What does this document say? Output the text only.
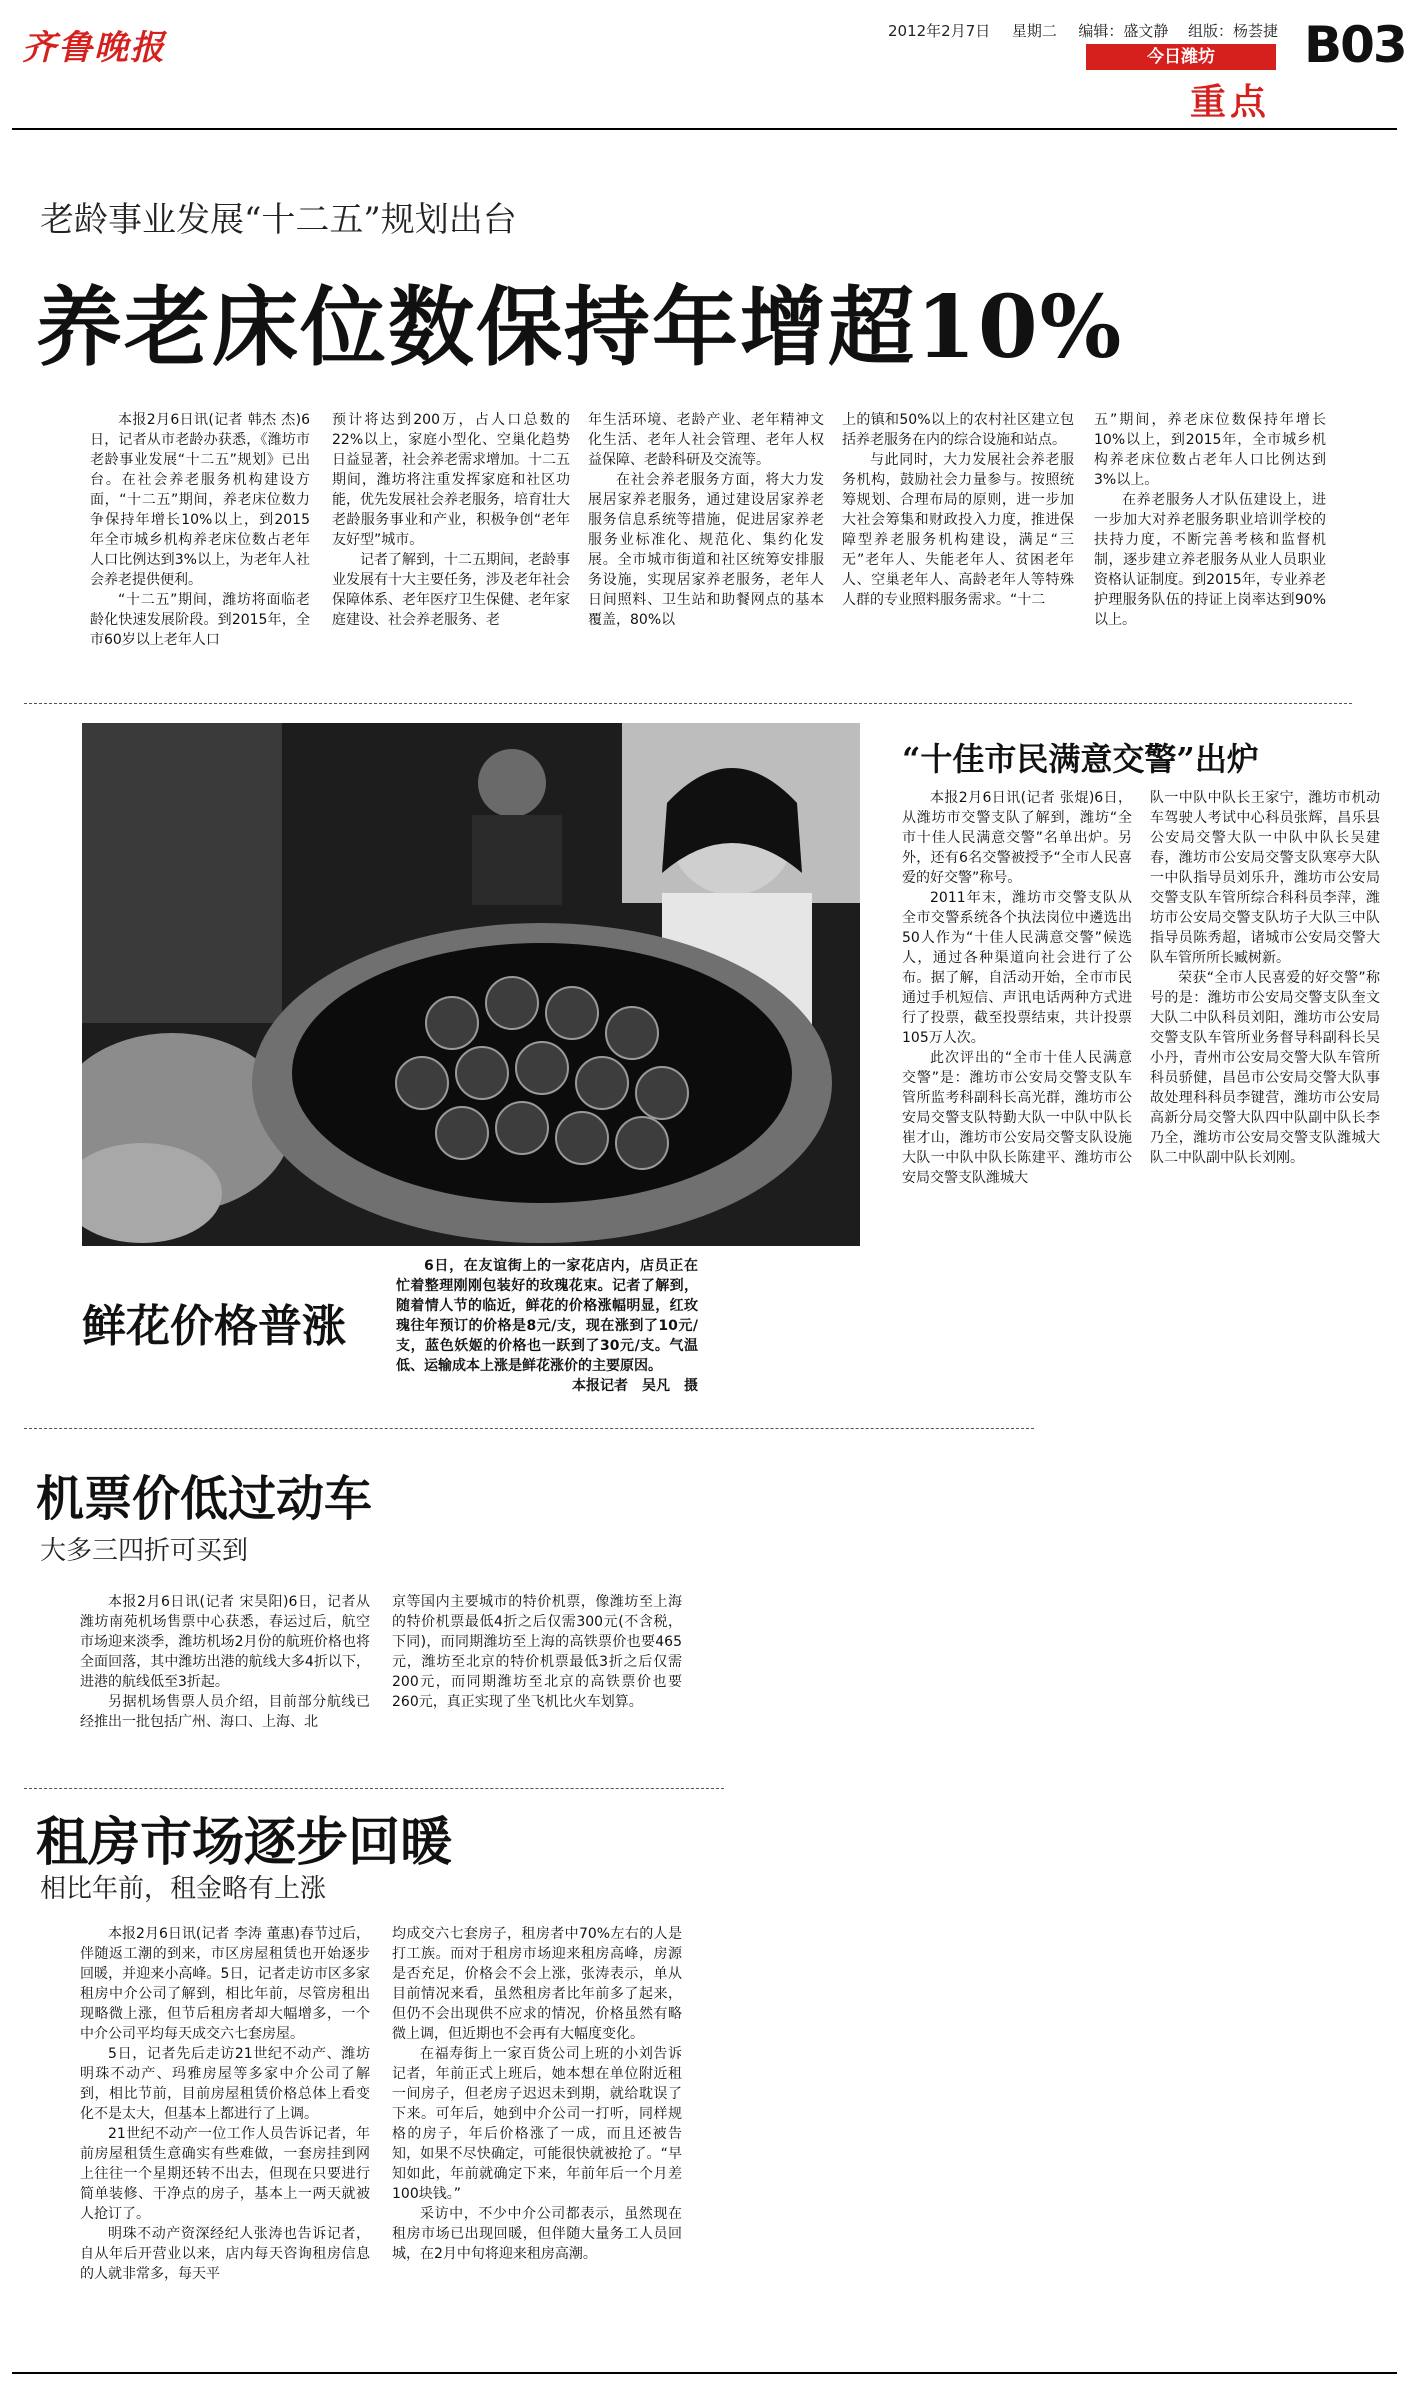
齐鲁晚报	2012年2月7日 星期二 编辑：盛文静 组版：杨荟捷
今日潍坊
重点
B03
老龄事业发展“十二五”规划出台
养老床位数保持年增超10%

本报2月6日讯(记者 韩杰 杰)6日，记者从市老龄办获悉，《潍坊市老龄事业发展“十二五”规划》已出台。在社会养老服务机构建设方面，“十二五”期间，养老床位数力争保持年增长10%以上，到2015年全市城乡机构养老床位数占老年人口比例达到3%以上，为老年人社会养老提供便利。

“十二五”期间，潍坊将面临老龄化快速发展阶段。到2015年，全市60岁以上老年人口

预计将达到200万，占人口总数的22%以上，家庭小型化、空巢化趋势日益显著，社会养老需求增加。十二五期间，潍坊将注重发挥家庭和社区功能，优先发展社会养老服务，培育壮大老龄服务事业和产业，积极争创“老年友好型”城市。

记者了解到，十二五期间，老龄事业发展有十大主要任务，涉及老年社会保障体系、老年医疗卫生保健、老年家庭建设、社会养老服务、老

年生活环境、老龄产业、老年精神文化生活、老年人社会管理、老年人权益保障、老龄科研及交流等。

在社会养老服务方面，将大力发展居家养老服务，通过建设居家养老服务信息系统等措施，促进居家养老服务业标准化、规范化、集约化发展。全市城市街道和社区统筹安排服务设施，实现居家养老服务，老年人日间照料、卫生站和助餐网点的基本覆盖，80%以

上的镇和50%以上的农村社区建立包括养老服务在内的综合设施和站点。

与此同时，大力发展社会养老服务机构，鼓励社会力量参与。按照统筹规划、合理布局的原则，进一步加大社会筹集和财政投入力度，推进保障型养老服务机构建设，满足“三无”老年人、失能老年人、贫困老年人、空巢老年人、高龄老年人等特殊人群的专业照料服务需求。“十二

五”期间，养老床位数保持年增长10%以上，到2015年，全市城乡机构养老床位数占老年人口比例达到3%以上。

在养老服务人才队伍建设上，进一步加大对养老服务职业培训学校的扶持力度，不断完善考核和监督机制，逐步建立养老服务从业人员职业资格认证制度。到2015年，专业养老护理服务队伍的持证上岗率达到90%以上。

鲜花价格普涨

6日，在友谊街上的一家花店内，店员正在忙着整理刚刚包装好的玫瑰花束。记者了解到，随着情人节的临近，鲜花的价格涨幅明显，红玫瑰往年预订的价格是8元/支，现在涨到了10元/支，蓝色妖姬的价格也一跃到了30元/支。气温低、运输成本上涨是鲜花涨价的主要原因。

本报记者　吴凡　摄
“十佳市民满意交警”出炉

本报2月6日讯(记者 张焜)6日，从潍坊市交警支队了解到，潍坊“全市十佳人民满意交警”名单出炉。另外，还有6名交警被授予“全市人民喜爱的好交警”称号。

2011年末，潍坊市交警支队从全市交警系统各个执法岗位中遴选出50人作为“十佳人民满意交警”候选人，通过各种渠道向社会进行了公布。据了解，自活动开始，全市市民通过手机短信、声讯电话两种方式进行了投票，截至投票结束，共计投票105万人次。

此次评出的“全市十佳人民满意交警”是：潍坊市公安局交警支队车管所监考科副科长高光群，潍坊市公安局交警支队特勤大队一中队中队长崔才山，潍坊市公安局交警支队设施大队一中队中队长陈建平、潍坊市公安局交警支队潍城大

队一中队中队长王家宁，潍坊市机动车驾驶人考试中心科员张辉，昌乐县公安局交警大队一中队中队长吴建春，潍坊市公安局交警支队寒亭大队一中队指导员刘乐升，潍坊市公安局交警支队车管所综合科科员李萍，潍坊市公安局交警支队坊子大队三中队指导员陈秀超，诸城市公安局交警大队车管所所长臧树新。

荣获“全市人民喜爱的好交警”称号的是：潍坊市公安局交警支队奎文大队二中队科员刘阳，潍坊市公安局交警支队车管所业务督导科副科长吴小丹，青州市公安局交警大队车管所科员骄健，昌邑市公安局交警大队事故处理科科员李键营，潍坊市公安局高新分局交警大队四中队副中队长李乃全，潍坊市公安局交警支队潍城大队二中队副中队长刘刚。

机票价低过动车
大多三四折可买到

本报2月6日讯(记者 宋昊阳)6日，记者从潍坊南苑机场售票中心获悉，春运过后，航空市场迎来淡季，潍坊机场2月份的航班价格也将全面回落，其中潍坊出港的航线大多4折以下，进港的航线低至3折起。

另据机场售票人员介绍，目前部分航线已经推出一批包括广州、海口、上海、北

京等国内主要城市的特价机票，像潍坊至上海的特价机票最低4折之后仅需300元(不含税，下同)，而同期潍坊至上海的高铁票价也要465元，潍坊至北京的特价机票最低3折之后仅需200元，而同期潍坊至北京的高铁票价也要260元，真正实现了坐飞机比火车划算。

租房市场逐步回暖
相比年前，租金略有上涨

本报2月6日讯(记者 李涛 董惠)春节过后，伴随返工潮的到来，市区房屋租赁也开始逐步回暖，并迎来小高峰。5日，记者走访市区多家租房中介公司了解到，相比年前，尽管房租出现略微上涨，但节后租房者却大幅增多，一个中介公司平均每天成交六七套房屋。

5日，记者先后走访21世纪不动产、潍坊明珠不动产、玛雅房屋等多家中介公司了解到，相比节前，目前房屋租赁价格总体上看变化不是太大，但基本上都进行了上调。

21世纪不动产一位工作人员告诉记者，年前房屋租赁生意确实有些难做，一套房挂到网上往往一个星期还转不出去，但现在只要进行简单装修、干净点的房子，基本上一两天就被人抢订了。

明珠不动产资深经纪人张涛也告诉记者，自从年后开营业以来，店内每天咨询租房信息的人就非常多，每天平

均成交六七套房子，租房者中70%左右的人是打工族。而对于租房市场迎来租房高峰，房源是否充足，价格会不会上涨，张涛表示，单从目前情况来看，虽然租房者比年前多了起来，但仍不会出现供不应求的情况，价格虽然有略微上调，但近期也不会再有大幅度变化。

在福寿街上一家百货公司上班的小刘告诉记者，年前正式上班后，她本想在单位附近租一间房子，但老房子迟迟未到期，就给耽误了下来。可年后，她到中介公司一打听，同样规格的房子，年后价格涨了一成，而且还被告知，如果不尽快确定，可能很快就被抢了。“早知如此，年前就确定下来，年前年后一个月差100块钱。”

采访中，不少中介公司都表示，虽然现在租房市场已出现回暖，但伴随大量务工人员回城，在2月中旬将迎来租房高潮。
